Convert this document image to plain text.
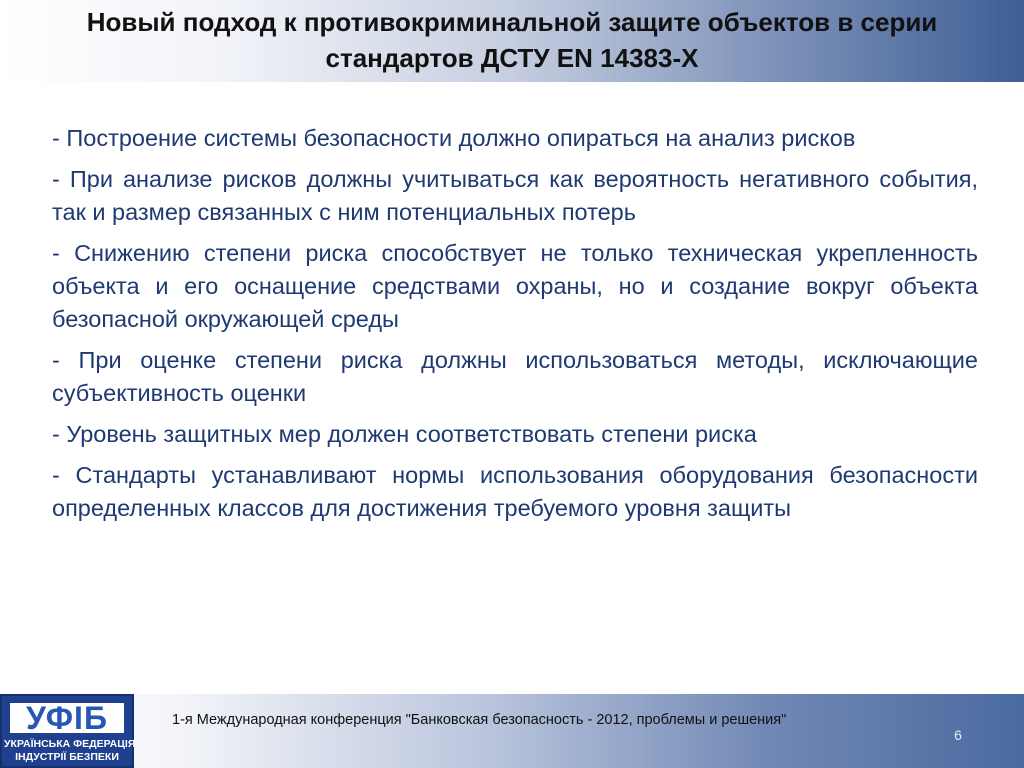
Новый подход к противокриминальной защите объектов в серии стандартов ДСТУ EN 14383-X
- Построение системы безопасности должно опираться на анализ рисков
- При анализе рисков должны учитываться как вероятность негативного события, так и размер связанных с ним потенциальных потерь
- Снижению степени риска способствует не только техническая укрепленность объекта и его оснащение средствами охраны, но и создание вокруг объекта безопасной окружающей среды
- При оценке степени риска должны использоваться методы, исключающие субъективность оценки
- Уровень защитных мер должен соответствовать степени риска
- Стандарты устанавливают нормы использования оборудования безопасности определенных классов для достижения требуемого уровня защиты
УФІБ
УКРАЇНСЬКА ФЕДЕРАЦІЯ
ІНДУСТРІЇ БЕЗПЕКИ
1-я Международная конференция "Банковская безопасность - 2012, проблемы и решения"
6
